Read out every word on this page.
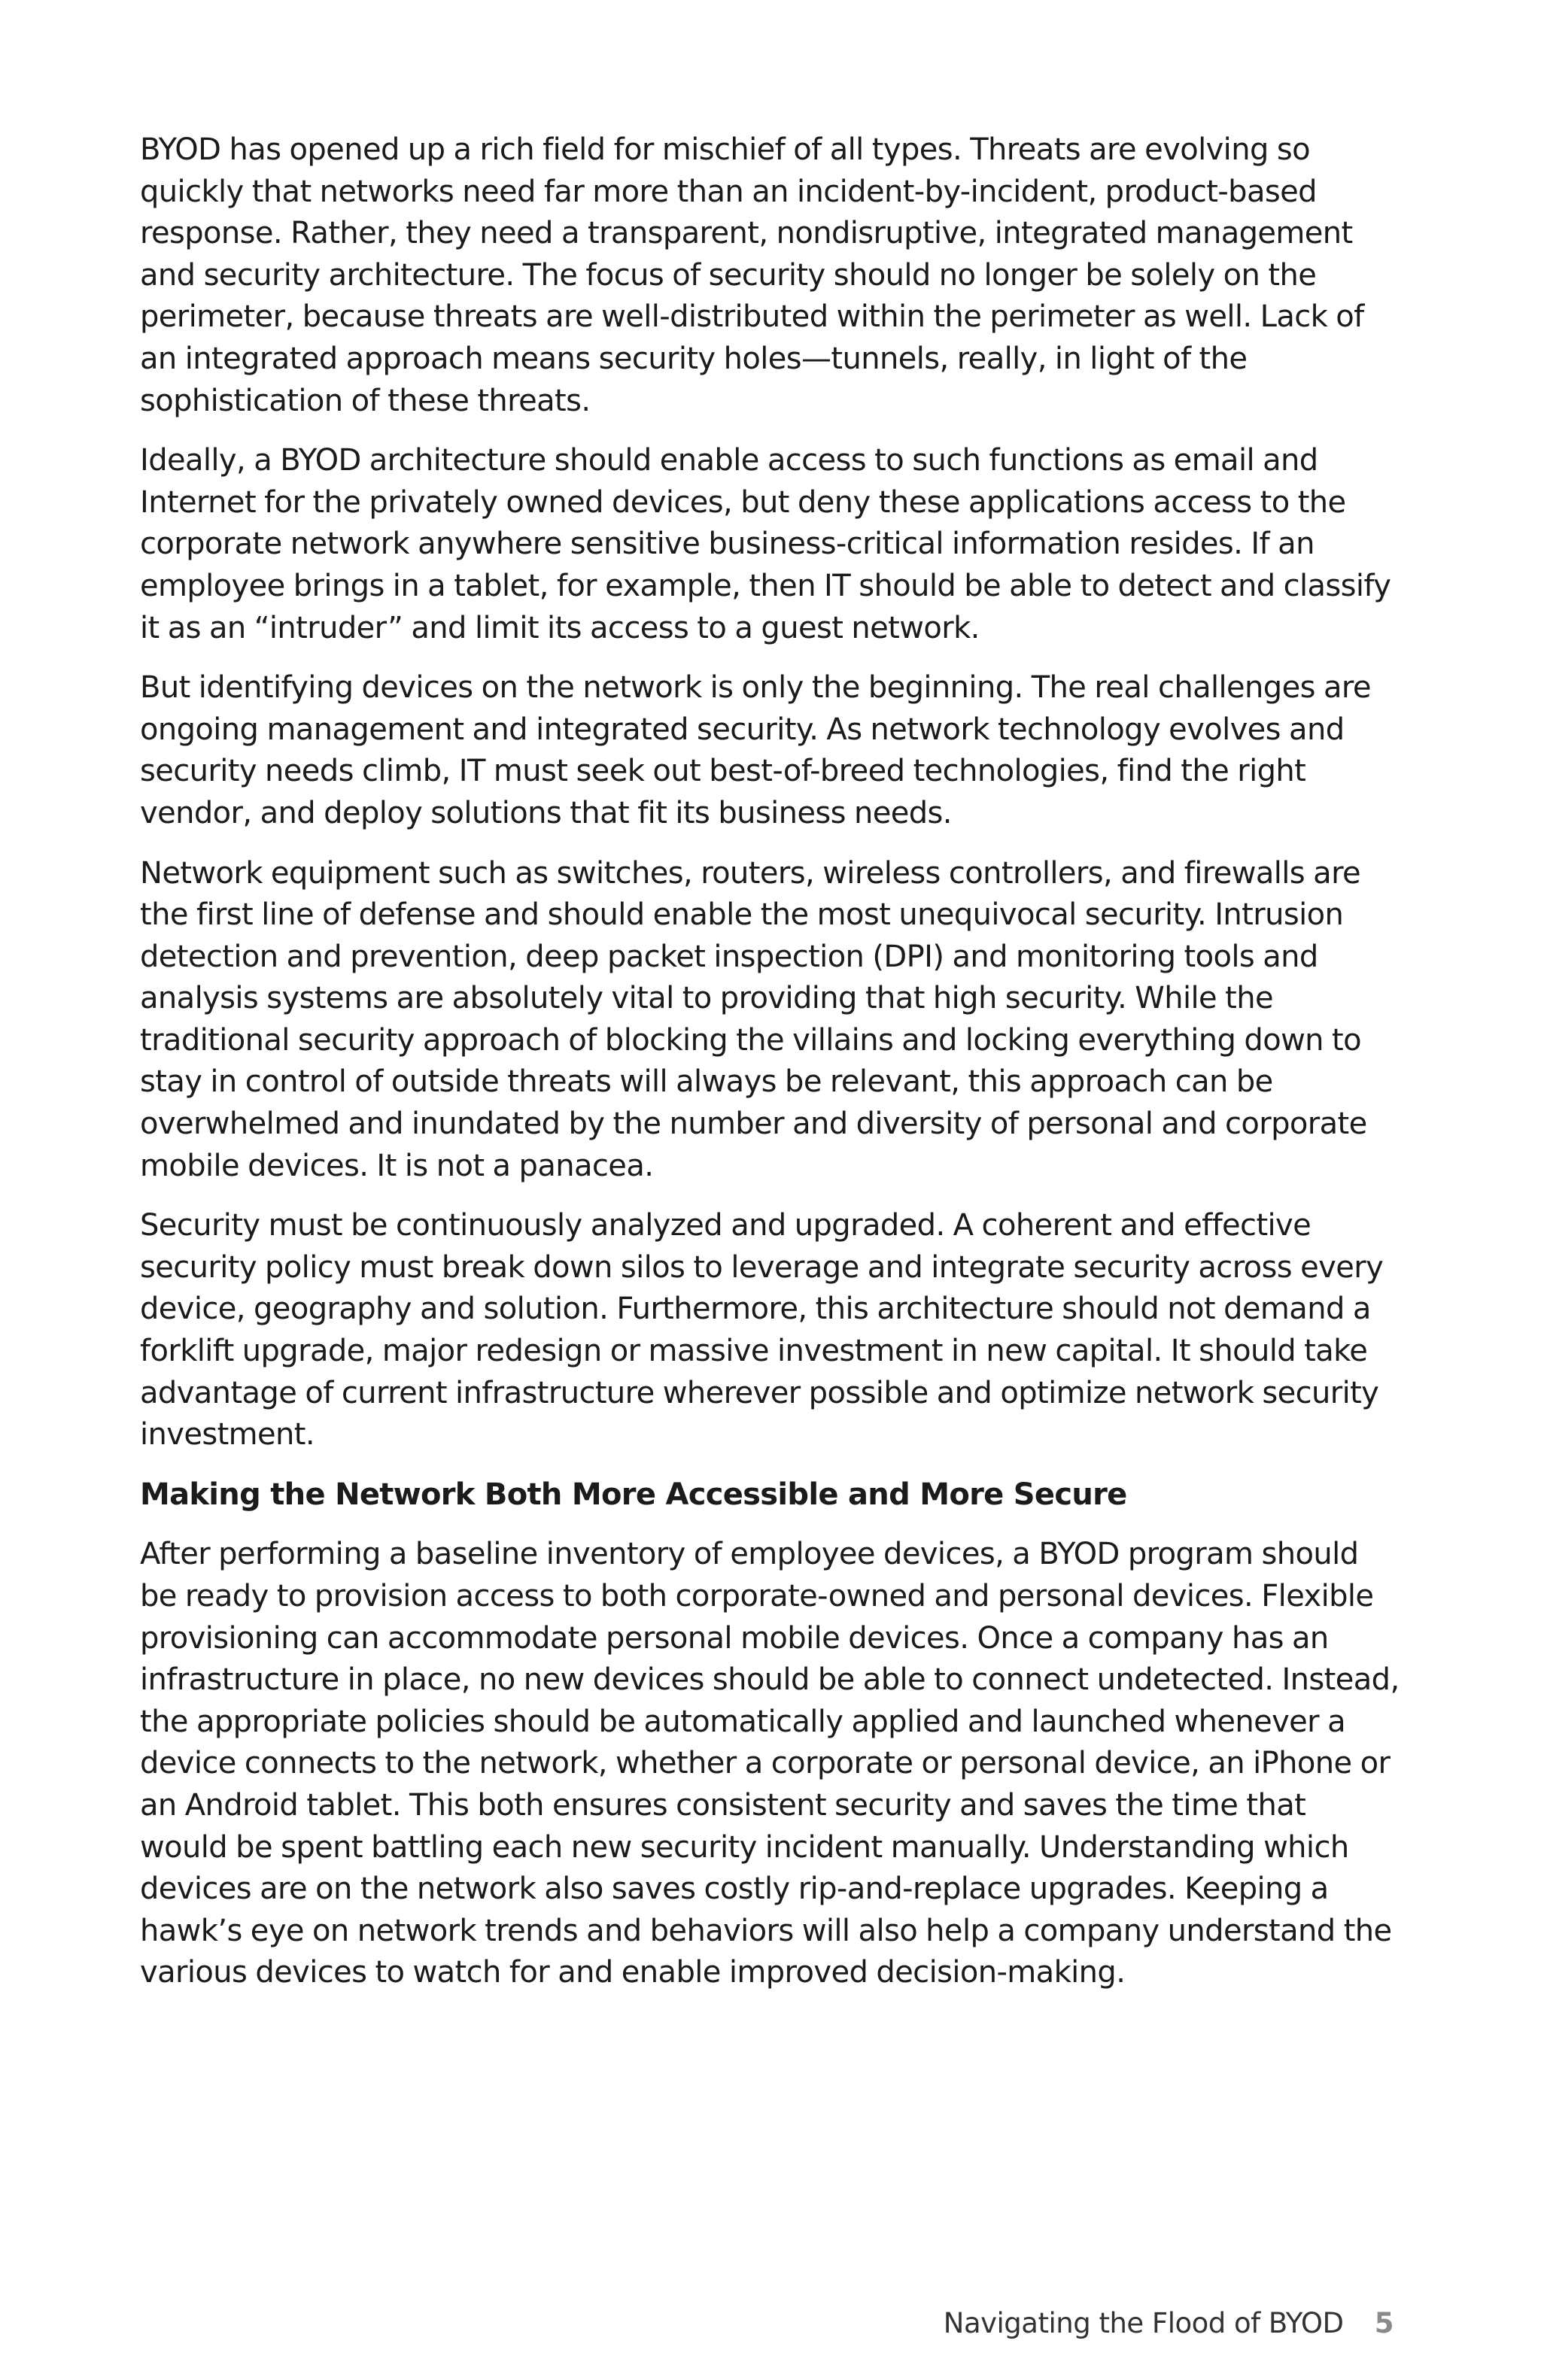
BYOD has opened up a rich field for mischief of all types. Threats are evolving so quickly that networks need far more than an incident-by-incident, product-based response. Rather, they need a transparent, nondisruptive, integrated management and security architecture. The focus of security should no longer be solely on the perimeter, because threats are well-distributed within the perimeter as well. Lack of an integrated approach means security holes—tunnels, really, in light of the sophistication of these threats.

Ideally, a BYOD architecture should enable access to such functions as email and Internet for the privately owned devices, but deny these applications access to the corporate network anywhere sensitive business-critical information resides. If an employee brings in a tablet, for example, then IT should be able to detect and classify it as an “intruder” and limit its access to a guest network.

But identifying devices on the network is only the beginning. The real challenges are ongoing management and integrated security. As network technology evolves and security needs climb, IT must seek out best-of-breed technologies, find the right vendor, and deploy solutions that fit its business needs.

Network equipment such as switches, routers, wireless controllers, and firewalls are the first line of defense and should enable the most unequivocal security. Intrusion detection and prevention, deep packet inspection (DPI) and monitoring tools and analysis systems are absolutely vital to providing that high security. While the traditional security approach of blocking the villains and locking everything down to stay in control of outside threats will always be relevant, this approach can be overwhelmed and inundated by the number and diversity of personal and corporate mobile devices. It is not a panacea.

Security must be continuously analyzed and upgraded. A coherent and effective security policy must break down silos to leverage and integrate security across every device, geography and solution. Furthermore, this architecture should not demand a forklift upgrade, major redesign or massive investment in new capital. It should take advantage of current infrastructure wherever possible and optimize network security investment.

Making the Network Both More Accessible and More Secure

After performing a baseline inventory of employee devices, a BYOD program should be ready to provision access to both corporate-owned and personal devices. Flexible provisioning can accommodate personal mobile devices. Once a company has an infrastructure in place, no new devices should be able to connect undetected. Instead, the appropriate policies should be automatically applied and launched whenever a device connects to the network, whether a corporate or personal device, an iPhone or an Android tablet. This both ensures consistent security and saves the time that would be spent battling each new security incident manually. Understanding which devices are on the network also saves costly rip-and-replace upgrades. Keeping a hawk’s eye on network trends and behaviors will also help a company understand the various devices to watch for and enable improved decision-making.

Navigating the Flood of BYOD 5
